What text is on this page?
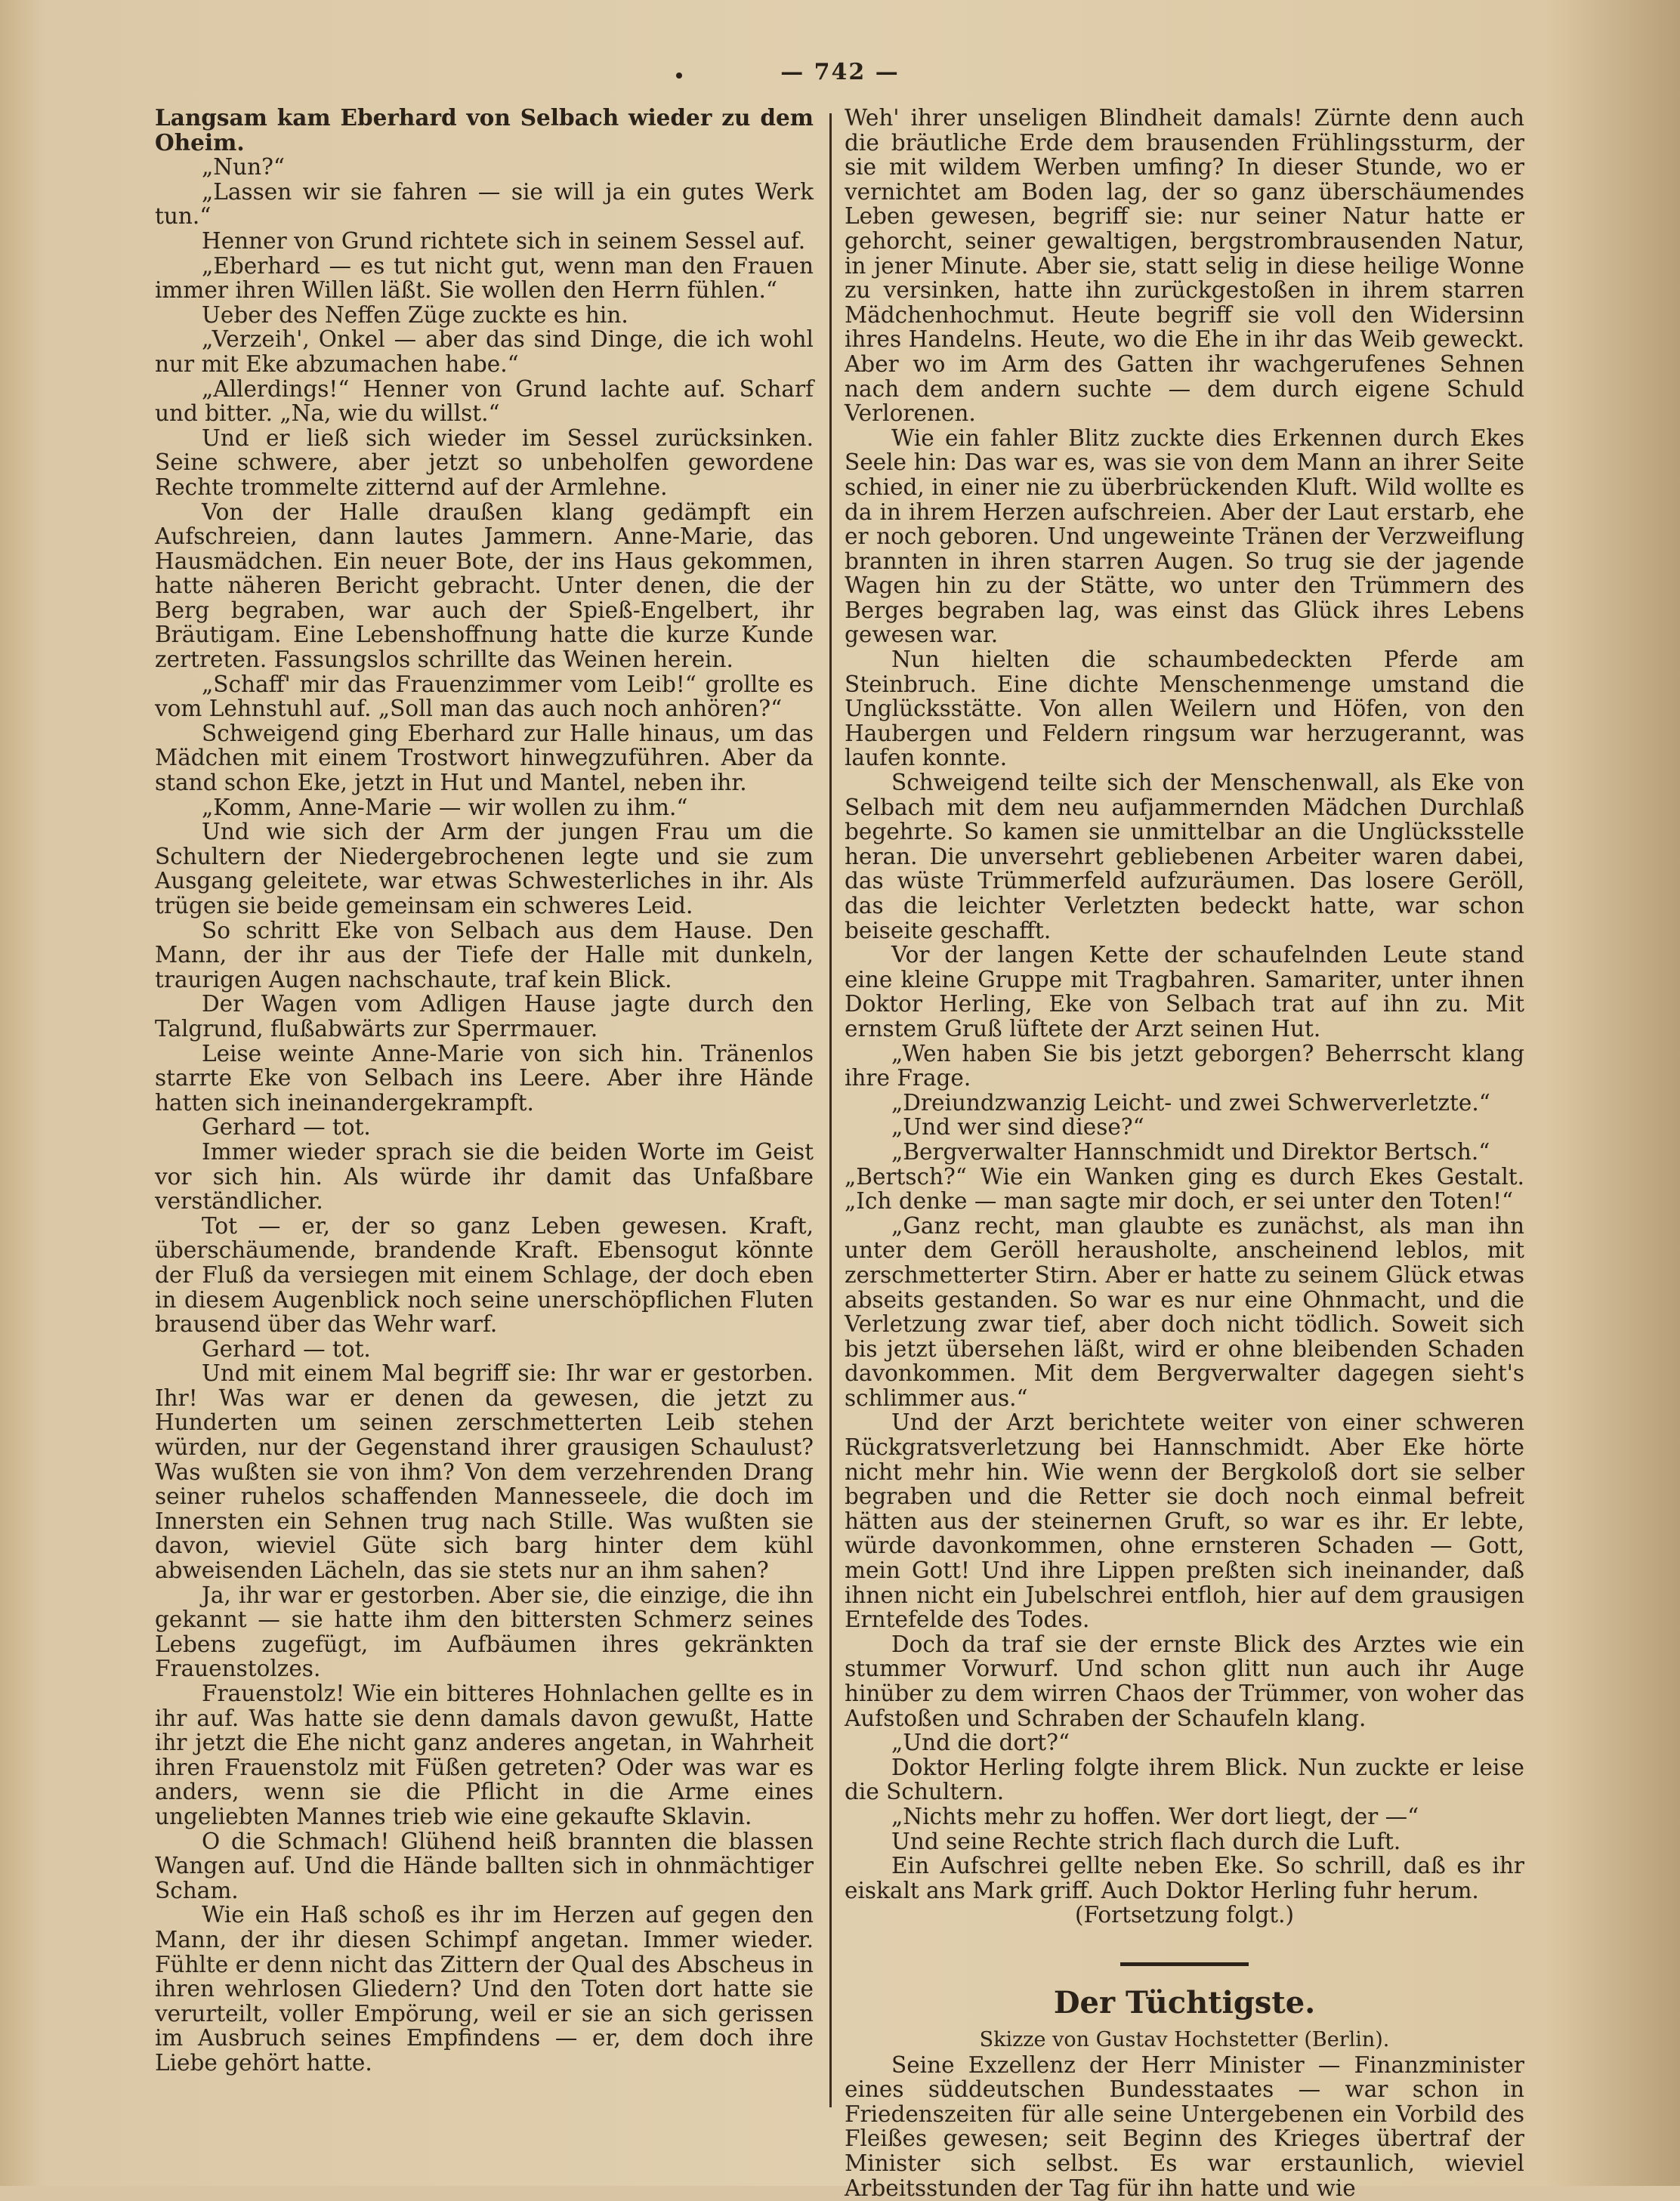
— 742 —

Langsam kam Eberhard von Selbach wieder zu dem Oheim.

„Nun?“

„Lassen wir sie fahren — sie will ja ein gutes Werk tun.“

Henner von Grund richtete sich in seinem Sessel auf.

„Eberhard — es tut nicht gut, wenn man den Frauen immer ihren Willen läßt. Sie wollen den Herrn fühlen.“

Ueber des Neffen Züge zuckte es hin.

„Verzeih', Onkel — aber das sind Dinge, die ich wohl nur mit Eke abzumachen habe.“

„Allerdings!“ Henner von Grund lachte auf. Scharf und bitter. „Na, wie du willst.“

Und er ließ sich wieder im Sessel zurücksinken. Seine schwere, aber jetzt so unbeholfen gewordene Rechte trommelte zitternd auf der Armlehne.

Von der Halle draußen klang gedämpft ein Aufschreien, dann lautes Jammern. Anne-Marie, das Hausmädchen. Ein neuer Bote, der ins Haus gekommen, hatte näheren Bericht gebracht. Unter denen, die der Berg begraben, war auch der Spieß-Engelbert, ihr Bräutigam. Eine Lebenshoffnung hatte die kurze Kunde zertreten. Fassungslos schrillte das Weinen herein.

„Schaff' mir das Frauenzimmer vom Leib!“ grollte es vom Lehnstuhl auf. „Soll man das auch noch anhören?“

Schweigend ging Eberhard zur Halle hinaus, um das Mädchen mit einem Trostwort hinwegzuführen. Aber da stand schon Eke, jetzt in Hut und Mantel, neben ihr.

„Komm, Anne-Marie — wir wollen zu ihm.“

Und wie sich der Arm der jungen Frau um die Schultern der Niedergebrochenen legte und sie zum Ausgang geleitete, war etwas Schwesterliches in ihr. Als trügen sie beide gemeinsam ein schweres Leid.

So schritt Eke von Selbach aus dem Hause. Den Mann, der ihr aus der Tiefe der Halle mit dunkeln, traurigen Augen nachschaute, traf kein Blick.

Der Wagen vom Adligen Hause jagte durch den Talgrund, flußabwärts zur Sperrmauer.

Leise weinte Anne-Marie von sich hin. Tränenlos starrte Eke von Selbach ins Leere. Aber ihre Hände hatten sich ineinandergekrampft.

Gerhard — tot.

Immer wieder sprach sie die beiden Worte im Geist vor sich hin. Als würde ihr damit das Unfaßbare verständlicher.

Tot — er, der so ganz Leben gewesen. Kraft, überschäumende, brandende Kraft. Ebensogut könnte der Fluß da versiegen mit einem Schlage, der doch eben in diesem Augenblick noch seine unerschöpflichen Fluten brausend über das Wehr warf.

Gerhard — tot.

Und mit einem Mal begriff sie: Ihr war er gestorben. Ihr! Was war er denen da gewesen, die jetzt zu Hunderten um seinen zerschmetterten Leib stehen würden, nur der Gegenstand ihrer grausigen Schaulust? Was wußten sie von ihm? Von dem verzehrenden Drang seiner ruhelos schaffenden Mannesseele, die doch im Innersten ein Sehnen trug nach Stille. Was wußten sie davon, wieviel Güte sich barg hinter dem kühl abweisenden Lächeln, das sie stets nur an ihm sahen?

Ja, ihr war er gestorben. Aber sie, die einzige, die ihn gekannt — sie hatte ihm den bittersten Schmerz seines Lebens zugefügt, im Aufbäumen ihres gekränkten Frauenstolzes.

Frauenstolz! Wie ein bitteres Hohnlachen gellte es in ihr auf. Was hatte sie denn damals davon gewußt, Hatte ihr jetzt die Ehe nicht ganz anderes angetan, in Wahrheit ihren Frauenstolz mit Füßen getreten? Oder was war es anders, wenn sie die Pflicht in die Arme eines ungeliebten Mannes trieb wie eine gekaufte Sklavin.

O die Schmach! Glühend heiß brannten die blassen Wangen auf. Und die Hände ballten sich in ohnmächtiger Scham.

Wie ein Haß schoß es ihr im Herzen auf gegen den Mann, der ihr diesen Schimpf angetan. Immer wieder. Fühlte er denn nicht das Zittern der Qual des Abscheus in ihren wehrlosen Gliedern? Und den Toten dort hatte sie verurteilt, voller Empörung, weil er sie an sich gerissen im Ausbruch seines Empfindens — er, dem doch ihre Liebe gehört hatte.

Weh' ihrer unseligen Blindheit damals! Zürnte denn auch die bräutliche Erde dem brausenden Frühlingssturm, der sie mit wildem Werben umfing? In dieser Stunde, wo er vernichtet am Boden lag, der so ganz überschäumendes Leben gewesen, begriff sie: nur seiner Natur hatte er gehorcht, seiner gewaltigen, bergstrombrausenden Natur, in jener Minute. Aber sie, statt selig in diese heilige Wonne zu versinken, hatte ihn zurückgestoßen in ihrem starren Mädchenhochmut. Heute begriff sie voll den Widersinn ihres Handelns. Heute, wo die Ehe in ihr das Weib geweckt. Aber wo im Arm des Gatten ihr wachgerufenes Sehnen nach dem andern suchte — dem durch eigene Schuld Verlorenen.

Wie ein fahler Blitz zuckte dies Erkennen durch Ekes Seele hin: Das war es, was sie von dem Mann an ihrer Seite schied, in einer nie zu überbrückenden Kluft. Wild wollte es da in ihrem Herzen aufschreien. Aber der Laut erstarb, ehe er noch geboren. Und ungeweinte Tränen der Verzweiflung brannten in ihren starren Augen. So trug sie der jagende Wagen hin zu der Stätte, wo unter den Trümmern des Berges begraben lag, was einst das Glück ihres Lebens gewesen war.

Nun hielten die schaumbedeckten Pferde am Steinbruch. Eine dichte Menschenmenge umstand die Unglücksstätte. Von allen Weilern und Höfen, von den Haubergen und Feldern ringsum war herzugerannt, was laufen konnte.

Schweigend teilte sich der Menschenwall, als Eke von Selbach mit dem neu aufjammernden Mädchen Durchlaß begehrte. So kamen sie unmittelbar an die Unglücksstelle heran. Die unversehrt gebliebenen Arbeiter waren dabei, das wüste Trümmerfeld aufzuräumen. Das losere Geröll, das die leichter Verletzten bedeckt hatte, war schon beiseite geschafft.

Vor der langen Kette der schaufelnden Leute stand eine kleine Gruppe mit Tragbahren. Samariter, unter ihnen Doktor Herling, Eke von Selbach trat auf ihn zu. Mit ernstem Gruß lüftete der Arzt seinen Hut.

„Wen haben Sie bis jetzt geborgen? Beherrscht klang ihre Frage.

„Dreiundzwanzig Leicht- und zwei Schwerverletzte.“

„Und wer sind diese?“

„Bergverwalter Hannschmidt und Direktor Bertsch.“

„Bertsch?“ Wie ein Wanken ging es durch Ekes Gestalt. „Ich denke — man sagte mir doch, er sei unter den Toten!“

„Ganz recht, man glaubte es zunächst, als man ihn unter dem Geröll herausholte, anscheinend leblos, mit zerschmetterter Stirn. Aber er hatte zu seinem Glück etwas abseits gestanden. So war es nur eine Ohnmacht, und die Verletzung zwar tief, aber doch nicht tödlich. Soweit sich bis jetzt übersehen läßt, wird er ohne bleibenden Schaden davonkommen. Mit dem Bergverwalter dagegen sieht's schlimmer aus.“

Und der Arzt berichtete weiter von einer schweren Rückgratsverletzung bei Hannschmidt. Aber Eke hörte nicht mehr hin. Wie wenn der Bergkoloß dort sie selber begraben und die Retter sie doch noch einmal befreit hätten aus der steinernen Gruft, so war es ihr. Er lebte, würde davonkommen, ohne ernsteren Schaden — Gott, mein Gott! Und ihre Lippen preßten sich ineinander, daß ihnen nicht ein Jubelschrei entfloh, hier auf dem grausigen Erntefelde des Todes.

Doch da traf sie der ernste Blick des Arztes wie ein stummer Vorwurf. Und schon glitt nun auch ihr Auge hinüber zu dem wirren Chaos der Trümmer, von woher das Aufstoßen und Schraben der Schaufeln klang.

„Und die dort?“

Doktor Herling folgte ihrem Blick. Nun zuckte er leise die Schultern.

„Nichts mehr zu hoffen. Wer dort liegt, der —“

Und seine Rechte strich flach durch die Luft.

Ein Aufschrei gellte neben Eke. So schrill, daß es ihr eiskalt ans Mark griff. Auch Doktor Herling fuhr herum.

(Fortsetzung folgt.)

Der Tüchtigste.

Skizze von Gustav Hochstetter (Berlin).

Seine Exzellenz der Herr Minister — Finanzminister eines süddeutschen Bundesstaates — war schon in Friedenszeiten für alle seine Untergebenen ein Vorbild des Fleißes gewesen; seit Beginn des Krieges übertraf der Minister sich selbst. Es war erstaunlich, wieviel Arbeitsstunden der Tag für ihn hatte und wie
